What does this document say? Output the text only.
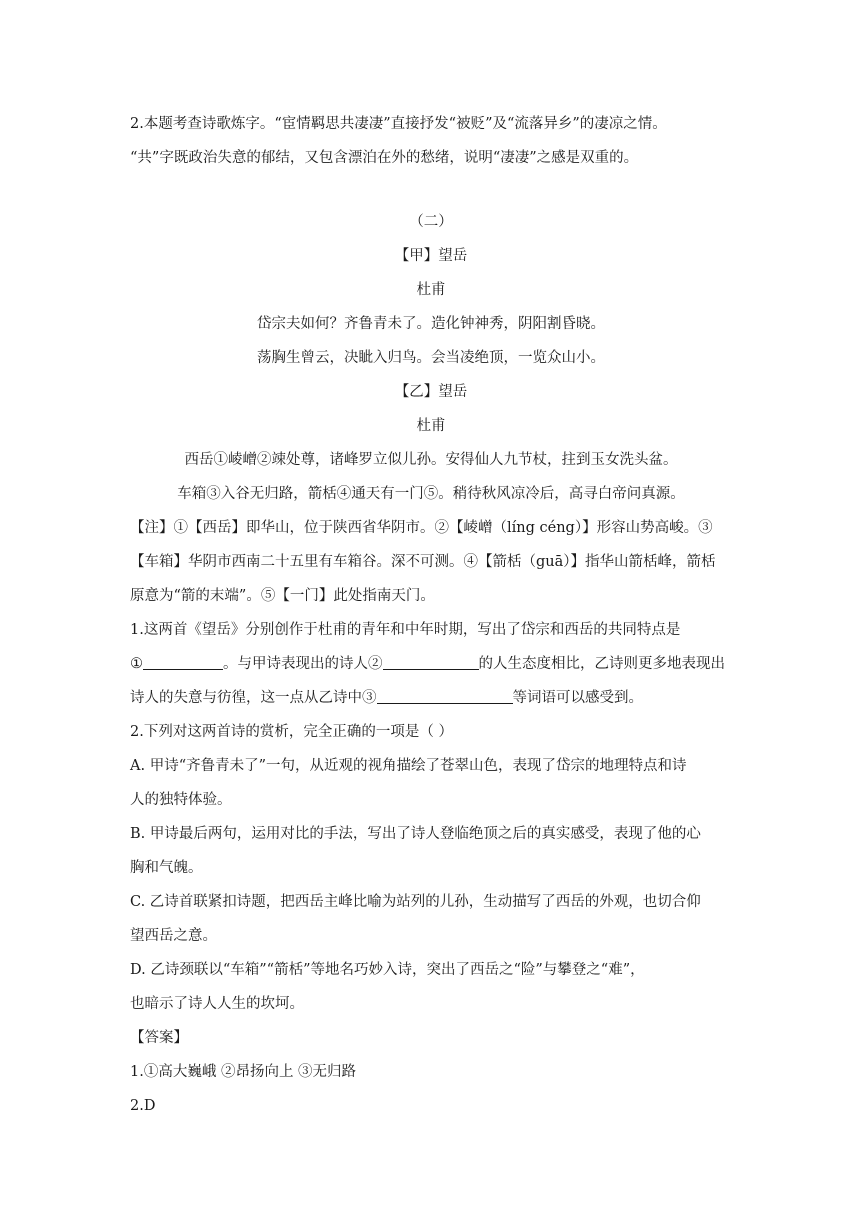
2.本题考查诗歌炼字。“宦情羁思共凄凄”直接抒发“被贬”及“流落异乡”的凄凉之情。

“共”字既政治失意的郁结，又包含漂泊在外的愁绪，说明“凄凄”之感是双重的。

（二）

【甲】望岳

杜甫

岱宗夫如何？齐鲁青未了。造化钟神秀，阴阳割昏晓。

荡胸生曾云，决眦入归鸟。会当凌绝顶，一览众山小。

【乙】望岳

杜甫

西岳①崚嶒②竦处尊，诸峰罗立似儿孙。安得仙人九节杖，拄到玉女洗头盆。

车箱③入谷无归路，箭栝④通天有一门⑤。稍待秋风凉冷后，高寻白帝问真源。

【注】①【西岳】即华山，位于陕西省华阴市。②【崚嶒（líng céng）】形容山势高峻。③

【车箱】华阴市西南二十五里有车箱谷。深不可测。④【箭栝（guā）】指华山箭栝峰，箭栝

原意为“箭的末端”。⑤【一门】此处指南天门。

1.这两首《望岳》分别创作于杜甫的青年和中年时期，写出了岱宗和西岳的共同特点是

①	。与甲诗表现出的诗人②	的人生态度相比，乙诗则更多地表现出

诗人的失意与彷徨，这一点从乙诗中③	等词语可以感受到。

2.下列对这两首诗的赏析，完全正确的一项是（ ）

A. 甲诗“齐鲁青未了”一句，从近观的视角描绘了苍翠山色，表现了岱宗的地理特点和诗

人的独特体验。

B. 甲诗最后两句，运用对比的手法，写出了诗人登临绝顶之后的真实感受，表现了他的心

胸和气魄。

C. 乙诗首联紧扣诗题，把西岳主峰比喻为站列的儿孙，生动描写了西岳的外观，也切合仰

望西岳之意。

D. 乙诗颈联以“车箱”“箭栝”等地名巧妙入诗，突出了西岳之“险”与攀登之“难”，

也暗示了诗人人生的坎坷。

【答案】

1.①高大巍峨 ②昂扬向上 ③无归路

2.D
